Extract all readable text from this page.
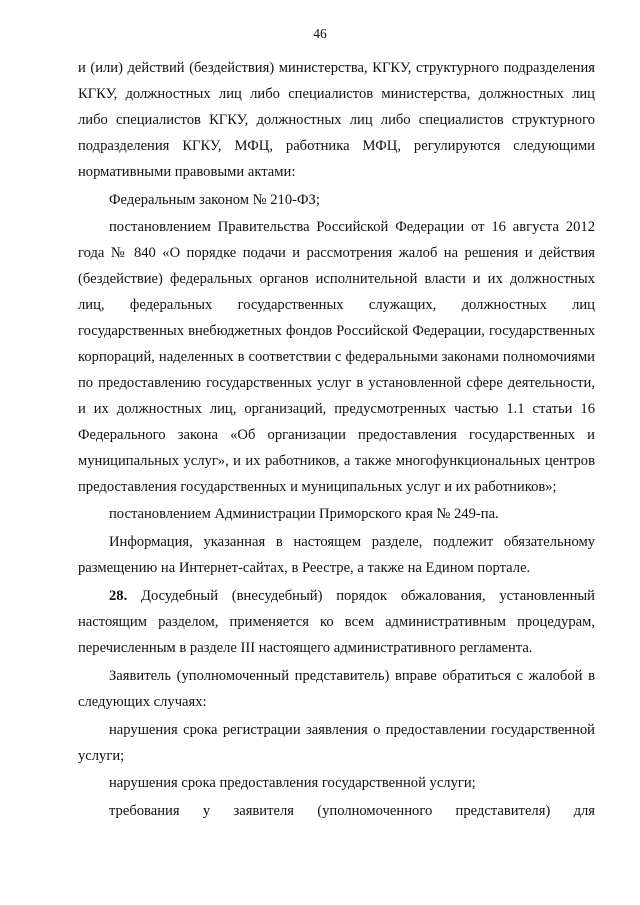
46

и (или) действий (бездействия) министерства, КГКУ, структурного подразделения КГКУ, должностных лиц либо специалистов министерства, должностных лиц либо специалистов КГКУ, должностных лиц либо специалистов структурного подразделения КГКУ, МФЦ, работника МФЦ, регулируются следующими нормативными правовыми актами:

Федеральным законом № 210-ФЗ;

постановлением Правительства Российской Федерации от 16 августа 2012 года № 840 «О порядке подачи и рассмотрения жалоб на решения и действия (бездействие) федеральных органов исполнительной власти и их должностных лиц, федеральных государственных служащих, должностных лиц государственных внебюджетных фондов Российской Федерации, государственных корпораций, наделенных в соответствии с федеральными законами полномочиями по предоставлению государственных услуг в установленной сфере деятельности, и их должностных лиц, организаций, предусмотренных частью 1.1 статьи 16 Федерального закона «Об организации предоставления государственных и муниципальных услуг», и их работников, а также многофункциональных центров предоставления государственных и муниципальных услуг и их работников»;

постановлением Администрации Приморского края № 249-па.

Информация, указанная в настоящем разделе, подлежит обязательному размещению на Интернет-сайтах, в Реестре, а также на Едином портале.

28. Досудебный (внесудебный) порядок обжалования, установленный настоящим разделом, применяется ко всем административным процедурам, перечисленным в разделе III настоящего административного регламента.

Заявитель (уполномоченный представитель) вправе обратиться с жалобой в следующих случаях:

нарушения срока регистрации заявления о предоставлении государственной услуги;

нарушения срока предоставления государственной услуги;

требования у заявителя (уполномоченного представителя) для
